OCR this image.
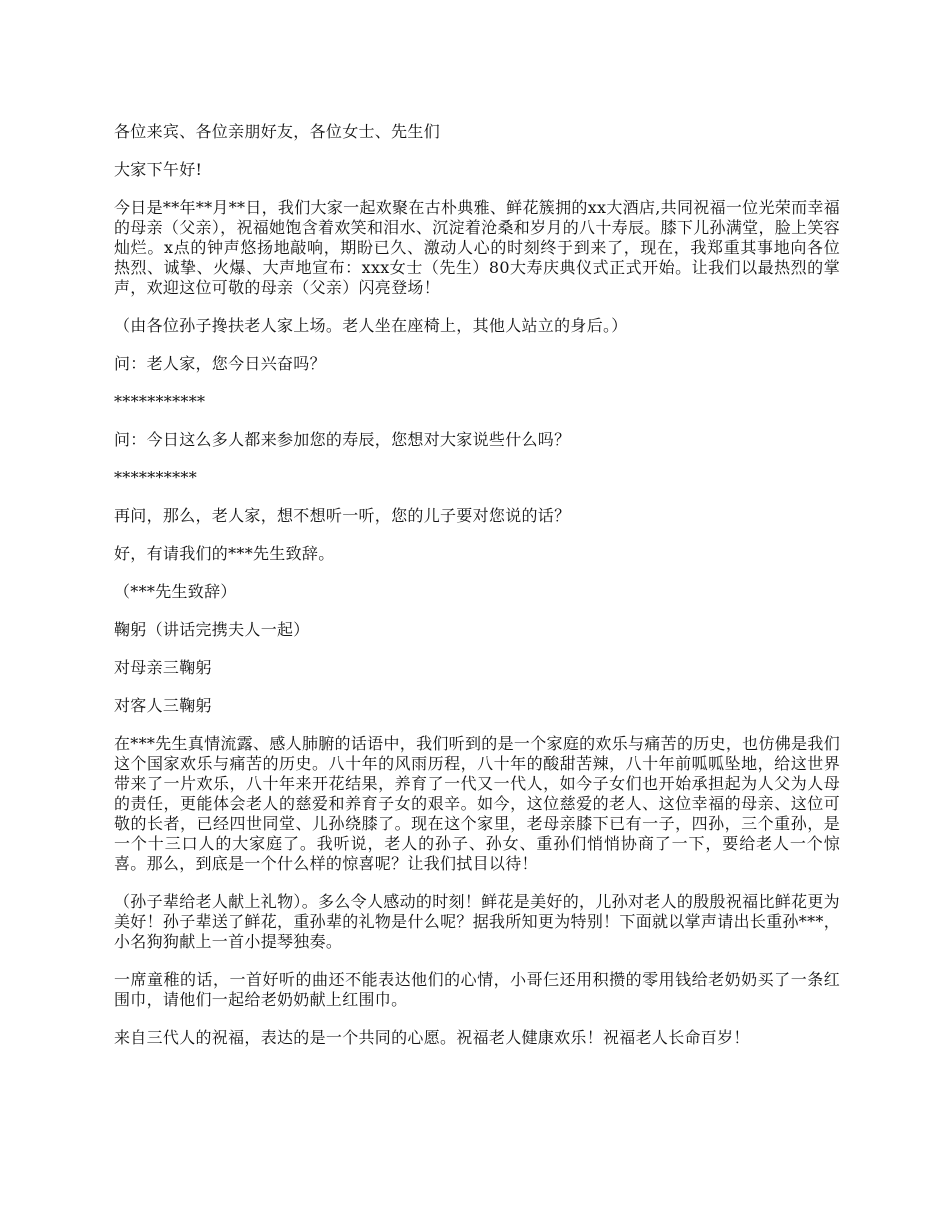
各位来宾、各位亲朋好友，各位女士、先生们

大家下午好!

今日是**年**月**日，我们大家一起欢聚在古朴典雅、鲜花簇拥的xx大酒店,共同祝福一位光荣而幸福的母亲（父亲），祝福她饱含着欢笑和泪水、沉淀着沧桑和岁月的八十寿辰。膝下儿孙满堂，脸上笑容灿烂。x点的钟声悠扬地敲响，期盼已久、激动人心的时刻终于到来了，现在，我郑重其事地向各位热烈、诚挚、火爆、大声地宣布：xxx女士（先生）80大寿庆典仪式正式开始。让我们以最热烈的掌声，欢迎这位可敬的母亲（父亲）闪亮登场！

（由各位孙子搀扶老人家上场。老人坐在座椅上，其他人站立的身后。）

问：老人家，您今日兴奋吗？

***********

问：今日这么多人都来参加您的寿辰，您想对大家说些什么吗？

**********

再问，那么，老人家，想不想听一听，您的儿子要对您说的话？

好，有请我们的***先生致辞。

（***先生致辞）

鞠躬（讲话完携夫人一起）

对母亲三鞠躬

对客人三鞠躬

在***先生真情流露、感人肺腑的话语中，我们听到的是一个家庭的欢乐与痛苦的历史，也仿佛是我们这个国家欢乐与痛苦的历史。八十年的风雨历程，八十年的酸甜苦辣，八十年前呱呱坠地，给这世界带来了一片欢乐，八十年来开花结果，养育了一代又一代人，如今子女们也开始承担起为人父为人母的责任，更能体会老人的慈爱和养育子女的艰辛。如今，这位慈爱的老人、这位幸福的母亲、这位可敬的长者，已经四世同堂、儿孙绕膝了。现在这个家里，老母亲膝下已有一子，四孙，三个重孙，是一个十三口人的大家庭了。我听说，老人的孙子、孙女、重孙们悄悄协商了一下，要给老人一个惊喜。那么，到底是一个什么样的惊喜呢？让我们拭目以待！

（孙子辈给老人献上礼物）。多么令人感动的时刻！鲜花是美好的，儿孙对老人的殷殷祝福比鲜花更为美好！孙子辈送了鲜花，重孙辈的礼物是什么呢？据我所知更为特别！下面就以掌声请出长重孙***，小名狗狗献上一首小提琴独奏。

一席童稚的话，一首好听的曲还不能表达他们的心情，小哥仨还用积攒的零用钱给老奶奶买了一条红围巾，请他们一起给老奶奶献上红围巾。

来自三代人的祝福，表达的是一个共同的心愿。祝福老人健康欢乐！祝福老人长命百岁！
